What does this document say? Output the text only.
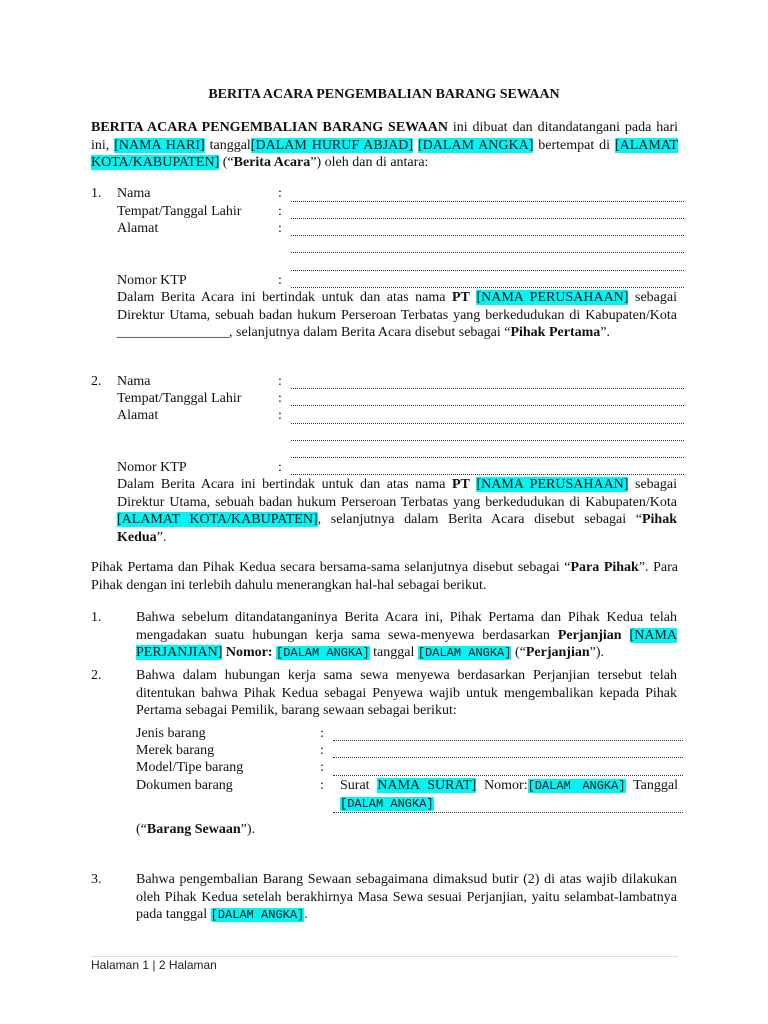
BERITA ACARA PENGEMBALIAN BARANG SEWAAN
BERITA ACARA PENGEMBALIAN BARANG SEWAAN ini dibuat dan ditandatangani pada hari ini, [NAMA HARI] tanggal[DALAM HURUF ABJAD] [DALAM ANGKA] bertempat di [ALAMAT KOTA/KABUPATEN] (“Berita Acara”) oleh dan di antara:
1. Nama
Tempat/Tanggal Lahir
Alamat
Nomor KTP
:
:
:
:
Dalam Berita Acara ini bertindak untuk dan atas nama PT [NAMA PERUSAHAAN] sebagai Direktur Utama, sebuah badan hukum Perseroan Terbatas yang berkedudukan di Kabupaten/Kota ________________, selanjutnya dalam Berita Acara disebut sebagai “Pihak Pertama”.
2. Nama
Tempat/Tanggal Lahir
Alamat
Nomor KTP
:
:
:
:
Dalam Berita Acara ini bertindak untuk dan atas nama PT [NAMA PERUSAHAAN] sebagai Direktur Utama, sebuah badan hukum Perseroan Terbatas yang berkedudukan di Kabupaten/Kota [ALAMAT KOTA/KABUPATEN], selanjutnya dalam Berita Acara disebut sebagai “Pihak Kedua”.
Pihak Pertama dan Pihak Kedua secara bersama-sama selanjutnya disebut sebagai “Para Pihak”. Para Pihak dengan ini terlebih dahulu menerangkan hal-hal sebagai berikut.
1. Bahwa sebelum ditandatanganinya Berita Acara ini, Pihak Pertama dan Pihak Kedua telah mengadakan suatu hubungan kerja sama sewa-menyewa berdasarkan Perjanjian [NAMA PERJANJIAN] Nomor: [DALAM ANGKA] tanggal [DALAM ANGKA] (“Perjanjian”).
2. Bahwa dalam hubungan kerja sama sewa menyewa berdasarkan Perjanjian tersebut telah ditentukan bahwa Pihak Kedua sebagai Penyewa wajib untuk mengembalikan kepada Pihak Pertama sebagai Pemilik, barang sewaan sebagai berikut:
Jenis barang
Merek barang
Model/Tipe barang
Dokumen barang
:
:
:
: Surat NAMA SURAT] Nomor:[DALAM ANGKA] Tanggal [DALAM ANGKA]
(“Barang Sewaan”).
3. Bahwa pengembalian Barang Sewaan sebagaimana dimaksud butir (2) di atas wajib dilakukan oleh Pihak Kedua setelah berakhirnya Masa Sewa sesuai Perjanjian, yaitu selambat-lambatnya pada tanggal [DALAM ANGKA].
Halaman 1 | 2 Halaman
